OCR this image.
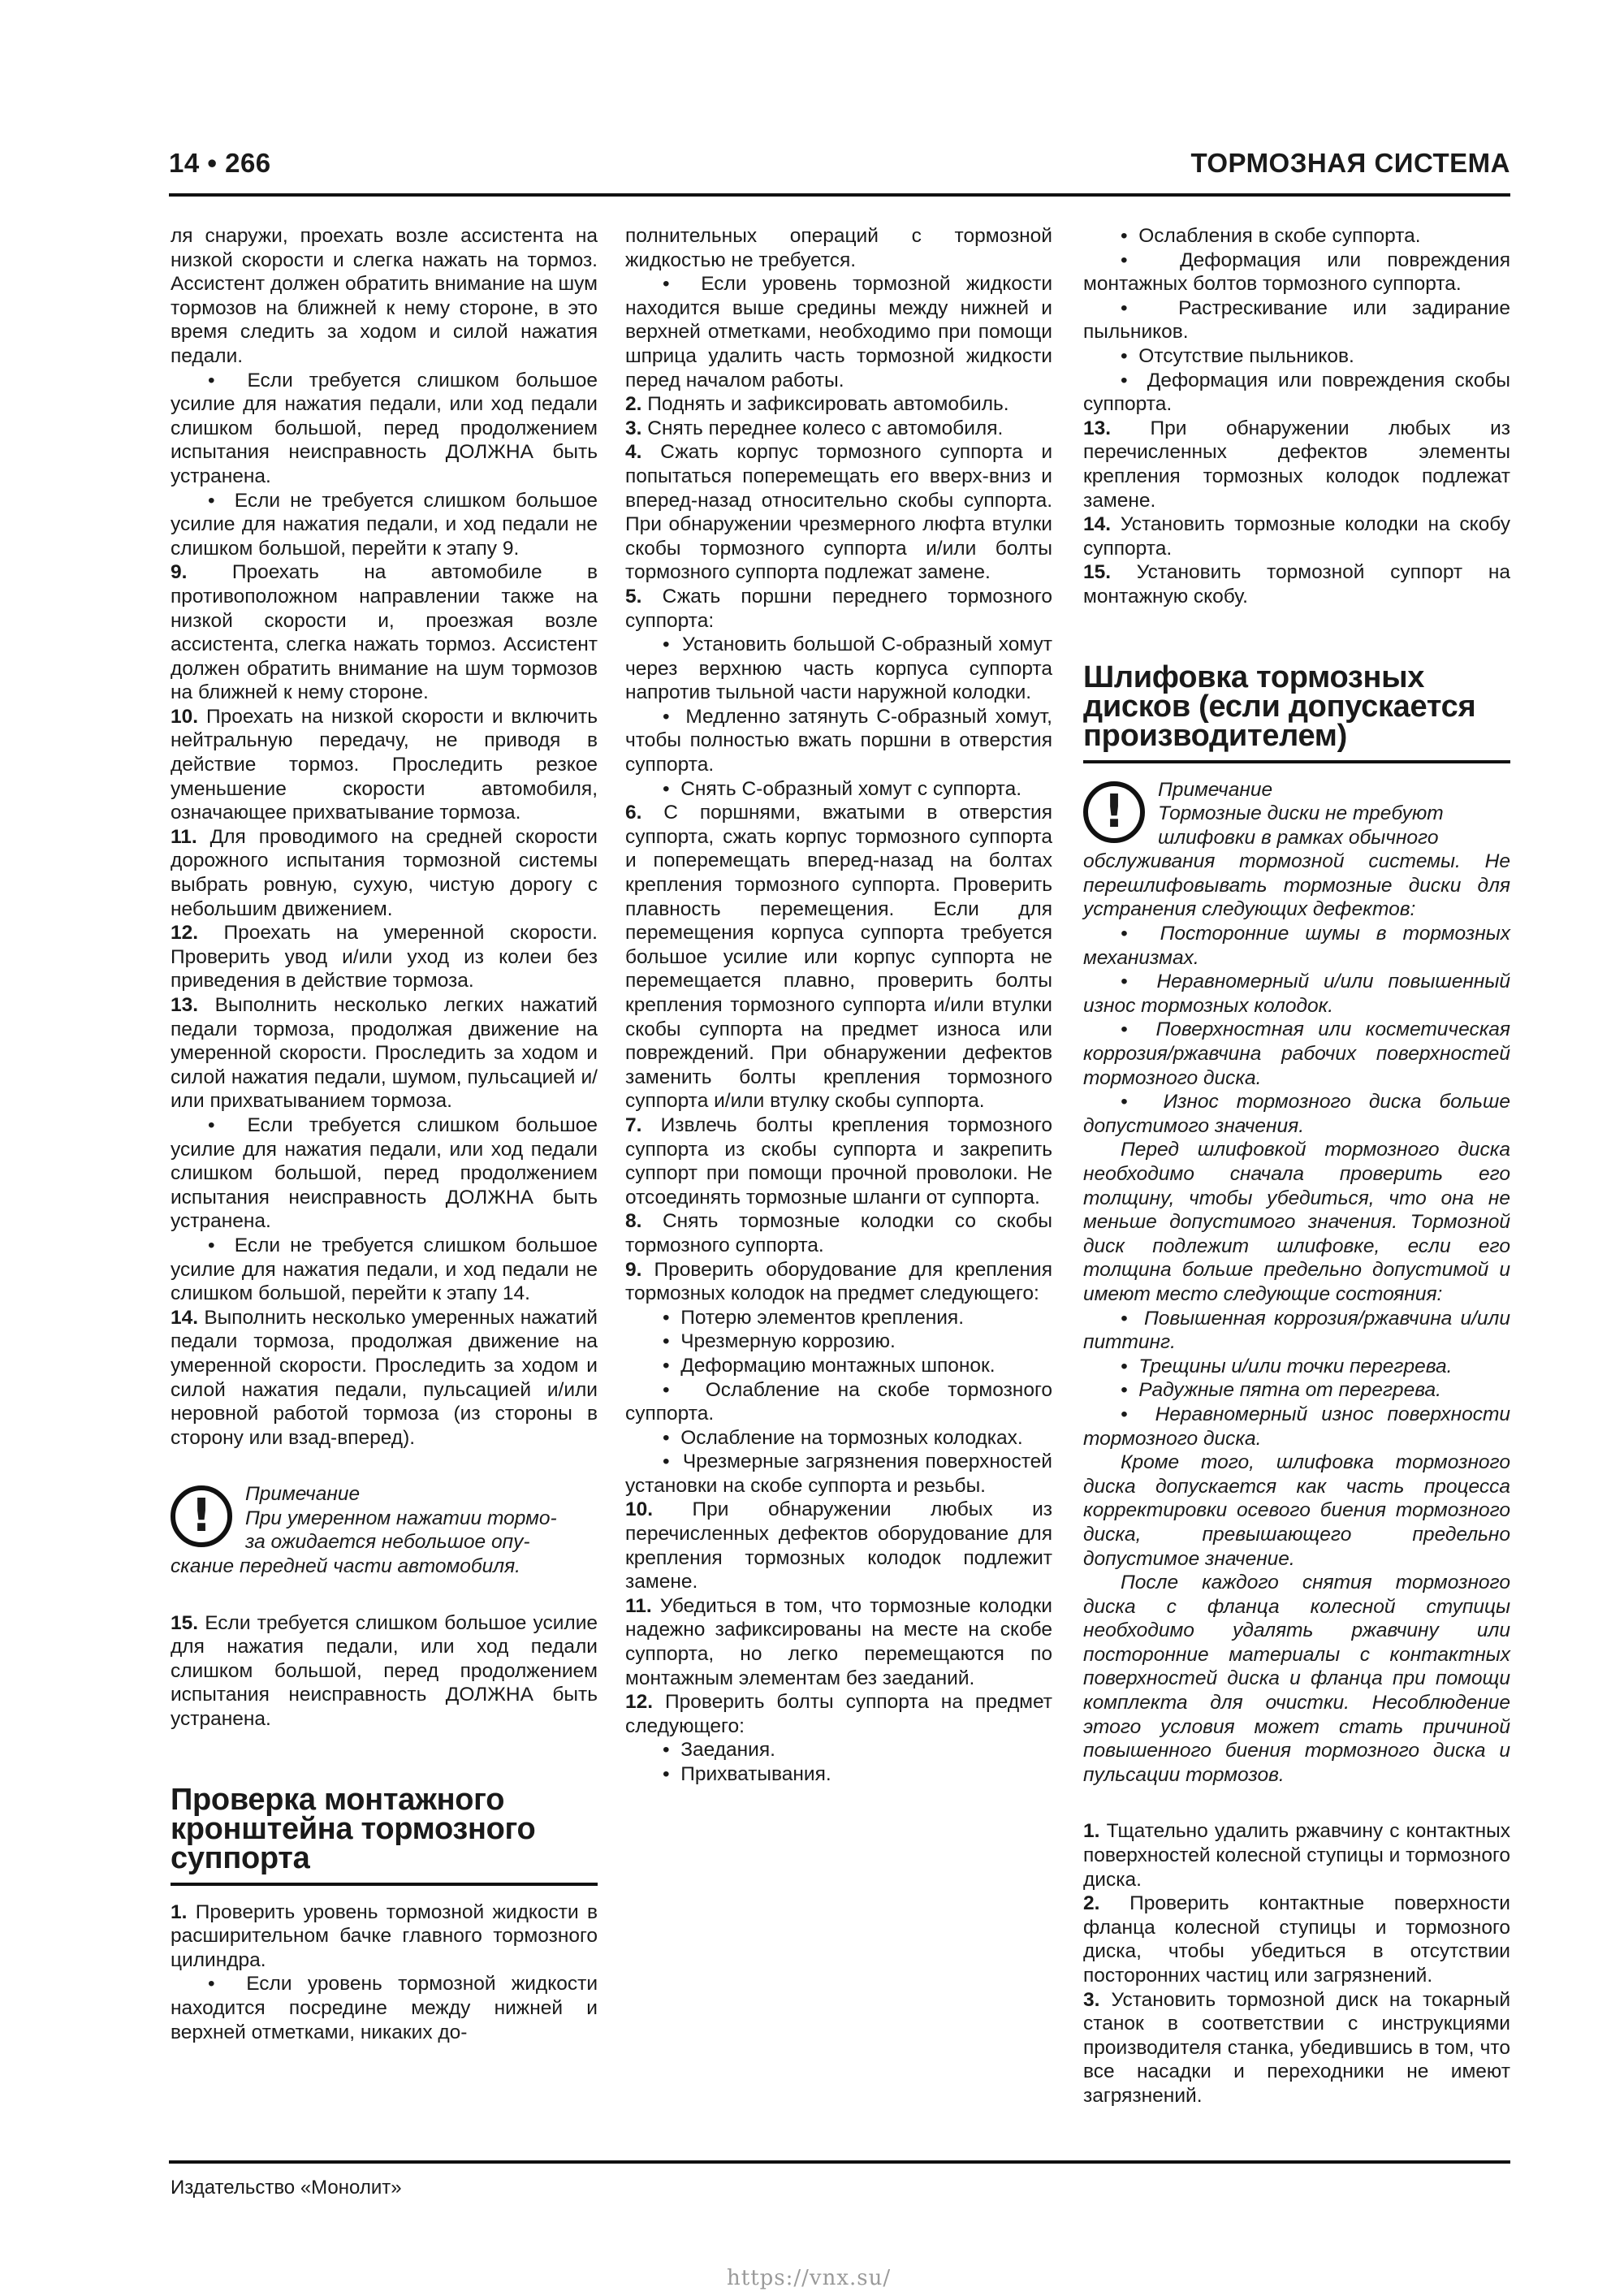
14 • 266	ТОРМОЗНАЯ СИСТЕМА

ля снаружи, проехать возле ассистента на низкой скорости и слегка нажать на тормоз. Ассистент должен обратить внимание на шум тормозов на ближней к нему стороне, в это время следить за ходом и силой нажатия педали.

•  Если требуется слишком большое усилие для нажатия педали, или ход педали слишком большой, перед продолжением испытания неисправность ДОЛЖНА быть устранена.

•  Если не требуется слишком большое усилие для нажатия педали, и ход педали не слишком большой, перейти к этапу 9.

9. Проехать на автомобиле в противоположном направлении также на низкой скорости и, проезжая возле ассистента, слегка нажать тормоз. Ассистент должен обратить внимание на шум тормозов на ближней к нему стороне.

10. Проехать на низкой скорости и включить нейтральную передачу, не приводя в действие тормоз. Проследить резкое уменьшение скорости автомобиля, означающее прихватывание тормоза.

11. Для проводимого на средней скорости дорожного испытания тормозной системы выбрать ровную, сухую, чистую дорогу с небольшим движением.

12. Проехать на умеренной скорости. Проверить увод и/или уход из колеи без приведения в действие тормоза.

13. Выполнить несколько легких нажатий педали тормоза, продолжая движение на умеренной скорости. Проследить за ходом и силой нажатия педали, шумом, пульсацией и/или прихватыванием тормоза.

•  Если требуется слишком большое усилие для нажатия педали, или ход педали слишком большой, перед продолжением испытания неисправность ДОЛЖНА быть устранена.

•  Если не требуется слишком большое усилие для нажатия педали, и ход педали не слишком большой, перейти к этапу 14.

14. Выполнить несколько умеренных нажатий педали тормоза, продолжая движение на умеренной скорости. Проследить за ходом и силой нажатия педали, пульсацией и/или неровной работой тормоза (из стороны в сторону или взад-вперед).

!	Примечание
При умеренном нажатии тормо-
за ожидается небольшое опу-
скание передней части автомобиля.

15. Если требуется слишком большое усилие для нажатия педали, или ход педали слишком большой, перед продолжением испытания неисправность ДОЛЖНА быть устранена.

Проверка монтажного кронштейна тормозного суппорта

1. Проверить уровень тормозной жидкости в расширительном бачке главного тормозного цилиндра.

•  Если уровень тормозной жидкости находится посредине между нижней и верхней отметками, никаких до-

полнительных операций с тормозной жидкостью не требуется.

•  Если уровень тормозной жидкости находится выше средины между нижней и верхней отметками, необходимо при помощи шприца удалить часть тормозной жидкости перед началом работы.

2. Поднять и зафиксировать автомобиль.

3. Снять переднее колесо с автомобиля.

4. Сжать корпус тормозного суппорта и попытаться поперемещать его вверх-вниз и вперед-назад относительно скобы суппорта. При обнаружении чрезмерного люфта втулки скобы тормозного суппорта и/или болты тормозного суппорта подлежат замене.

5. Сжать поршни переднего тормозного суппорта:

•  Установить большой С-образный хомут через верхнюю часть корпуса суппорта напротив тыльной части наружной колодки.

•  Медленно затянуть С-образный хомут, чтобы полностью вжать поршни в отверстия суппорта.

•  Снять С-образный хомут с суппорта.

6. С поршнями, вжатыми в отверстия суппорта, сжать корпус тормозного суппорта и поперемещать вперед-назад на болтах крепления тормозного суппорта. Проверить плавность перемещения. Если для перемещения корпуса суппорта требуется большое усилие или корпус суппорта не перемещается плавно, проверить болты крепления тормозного суппорта и/или втулки скобы суппорта на предмет износа или повреждений. При обнаружении дефектов заменить болты крепления тормозного суппорта и/или втулку скобы суппорта.

7. Извлечь болты крепления тормозного суппорта из скобы суппорта и закрепить суппорт при помощи прочной проволоки. Не отсоединять тормозные шланги от суппорта.

8. Снять тормозные колодки со скобы тормозного суппорта.

9. Проверить оборудование для крепления тормозных колодок на предмет следующего:

•  Потерю элементов крепления.

•  Чрезмерную коррозию.

•  Деформацию монтажных шпонок.

•  Ослабление на скобе тормозного суппорта.

•  Ослабление на тормозных колодках.

•  Чрезмерные загрязнения поверхностей установки на скобе суппорта и резьбы.

10. При обнаружении любых из перечисленных дефектов оборудование для крепления тормозных колодок подлежит замене.

11. Убедиться в том, что тормозные колодки надежно зафиксированы на месте на скобе суппорта, но легко перемещаются по монтажным элементам без заеданий.

12. Проверить болты суппорта на предмет следующего:

•  Заедания.

•  Прихватывания.

•  Ослабления в скобе суппорта.

•  Деформация или повреждения монтажных болтов тормозного суппорта.

•  Растрескивание или задирание пыльников.

•  Отсутствие пыльников.

•  Деформация или повреждения скобы суппорта.

13. При обнаружении любых из перечисленных дефектов элементы крепления тормозных колодок подлежат замене.

14. Установить тормозные колодки на скобу суппорта.

15. Установить тормозной суппорт на монтажную скобу.

Шлифовка тормозных дисков (если допускается производителем)

!	Примечание
Тормозные диски не требуют
шлифовки в рамках обычного

обслуживания тормозной системы. Не перешлифовывать тормозные диски для устранения следующих дефектов:

•  Посторонние шумы в тормозных механизмах.

•  Неравномерный и/или повышенный износ тормозных колодок.

•  Поверхностная или косметическая коррозия/ржавчина рабочих поверхностей тормозного диска.

•  Износ тормозного диска больше допустимого значения.

Перед шлифовкой тормозного диска необходимо сначала проверить его толщину, чтобы убедиться, что она не меньше допустимого значения. Тормозной диск подлежит шлифовке, если его толщина больше предельно допустимой и имеют место следующие состояния:

•  Повышенная коррозия/ржавчина и/или питтинг.

•  Трещины и/или точки перегрева.

•  Радужные пятна от перегрева.

•  Неравномерный износ поверхности тормозного диска.

Кроме того, шлифовка тормозного диска допускается как часть процесса корректировки осевого биения тормозного диска, превышающего предельно допустимое значение.

После каждого снятия тормозного диска с фланца колесной ступицы необходимо удалять ржавчину или посторонние материалы с контактных поверхностей диска и фланца при помощи комплекта для очистки. Несоблюдение этого условия может стать причиной повышенного биения тормозного диска и пульсации тормозов.

1. Тщательно удалить ржавчину с контактных поверхностей колесной ступицы и тормозного диска.

2. Проверить контактные поверхности фланца колесной ступицы и тормозного диска, чтобы убедиться в отсутствии посторонних частиц или загрязнений.

3. Установить тормозной диск на токарный станок в соответствии с инструкциями производителя станка, убедившись в том, что все насадки и переходники не имеют загрязнений.

Издательство «Монолит»
https://vnx.su/
